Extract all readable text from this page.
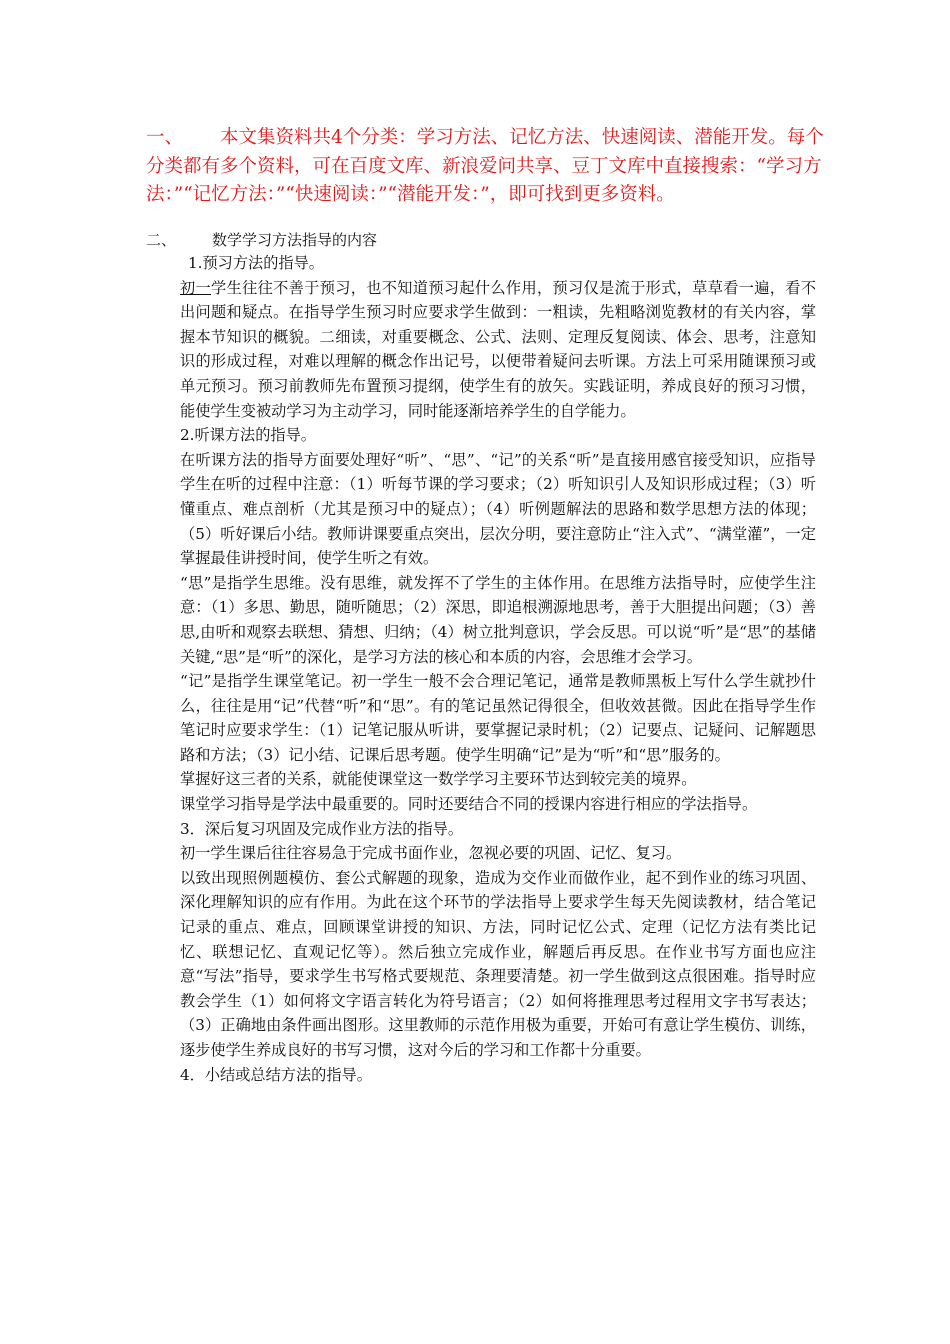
一、 本文集资料共4个分类：学习方法、记忆方法、快速阅读、潜能开发。每个分类都有多个资料，可在百度文库、新浪爱问共享、豆丁文库中直接搜索：“学习方法：”“记忆方法：”“快速阅读：”“潜能开发：”，即可找到更多资料。
二、 数学学习方法指导的内容

1.预习方法的指导。

初一学生往往不善于预习，也不知道预习起什么作用，预习仅是流于形式，草草看一遍，看不出问题和疑点。在指导学生预习时应要求学生做到：一粗读，先粗略浏览教材的有关内容，掌握本节知识的概貌。二细读，对重要概念、公式、法则、定理反复阅读、体会、思考，注意知识的形成过程，对难以理解的概念作出记号，以便带着疑问去听课。方法上可采用随课预习或单元预习。预习前教师先布置预习提纲，使学生有的放矢。实践证明，养成良好的预习习惯，能使学生变被动学习为主动学习，同时能逐渐培养学生的自学能力。

2.听课方法的指导。

在听课方法的指导方面要处理好“听”、“思”、“记”的关系“听”是直接用感官接受知识，应指导学生在听的过程中注意：（1）听每节课的学习要求；（2）听知识引人及知识形成过程；（3）听懂重点、难点剖析（尤其是预习中的疑点）；（4）听例题解法的思路和数学思想方法的体现；（5）听好课后小结。教师讲课要重点突出，层次分明，要注意防止“注入式”、“满堂灌”，一定掌握最佳讲授时间，使学生听之有效。

“思”是指学生思维。没有思维，就发挥不了学生的主体作用。在思维方法指导时，应使学生注意：（1）多思、勤思，随听随思；（2）深思，即追根溯源地思考，善于大胆提出问题；（3）善思,由听和观察去联想、猜想、归纳；（4）树立批判意识，学会反思。可以说“听”是“思”的基储关键,“思”是“听”的深化，是学习方法的核心和本质的内容，会思维才会学习。

“记”是指学生课堂笔记。初一学生一般不会合理记笔记，通常是教师黑板上写什么学生就抄什么，往往是用“记”代替“听”和“思”。有的笔记虽然记得很全，但收效甚微。因此在指导学生作笔记时应要求学生：（1）记笔记服从听讲，要掌握记录时机；（2）记要点、记疑问、记解题思路和方法；（3）记小结、记课后思考题。使学生明确“记”是为“听”和“思”服务的。

掌握好这三者的关系，就能使课堂这一数学学习主要环节达到较完美的境界。

课堂学习指导是学法中最重要的。同时还要结合不同的授课内容进行相应的学法指导。

3．深后复习巩固及完成作业方法的指导。

初一学生课后往往容易急于完成书面作业，忽视必要的巩固、记忆、复习。

以致出现照例题模仿、套公式解题的现象，造成为交作业而做作业，起不到作业的练习巩固、深化理解知识的应有作用。为此在这个环节的学法指导上要求学生每天先阅读教材，结合笔记记录的重点、难点，回顾课堂讲授的知识、方法，同时记忆公式、定理（记忆方法有类比记忆、联想记忆、直观记忆等）。然后独立完成作业，解题后再反思。在作业书写方面也应注意“写法”指导，要求学生书写格式要规范、条理要清楚。初一学生做到这点很困难。指导时应教会学生（1）如何将文字语言转化为符号语言；（2）如何将推理思考过程用文字书写表达；（3）正确地由条件画出图形。这里教师的示范作用极为重要，开始可有意让学生模仿、训练，逐步使学生养成良好的书写习惯，这对今后的学习和工作都十分重要。

4．小结或总结方法的指导。
